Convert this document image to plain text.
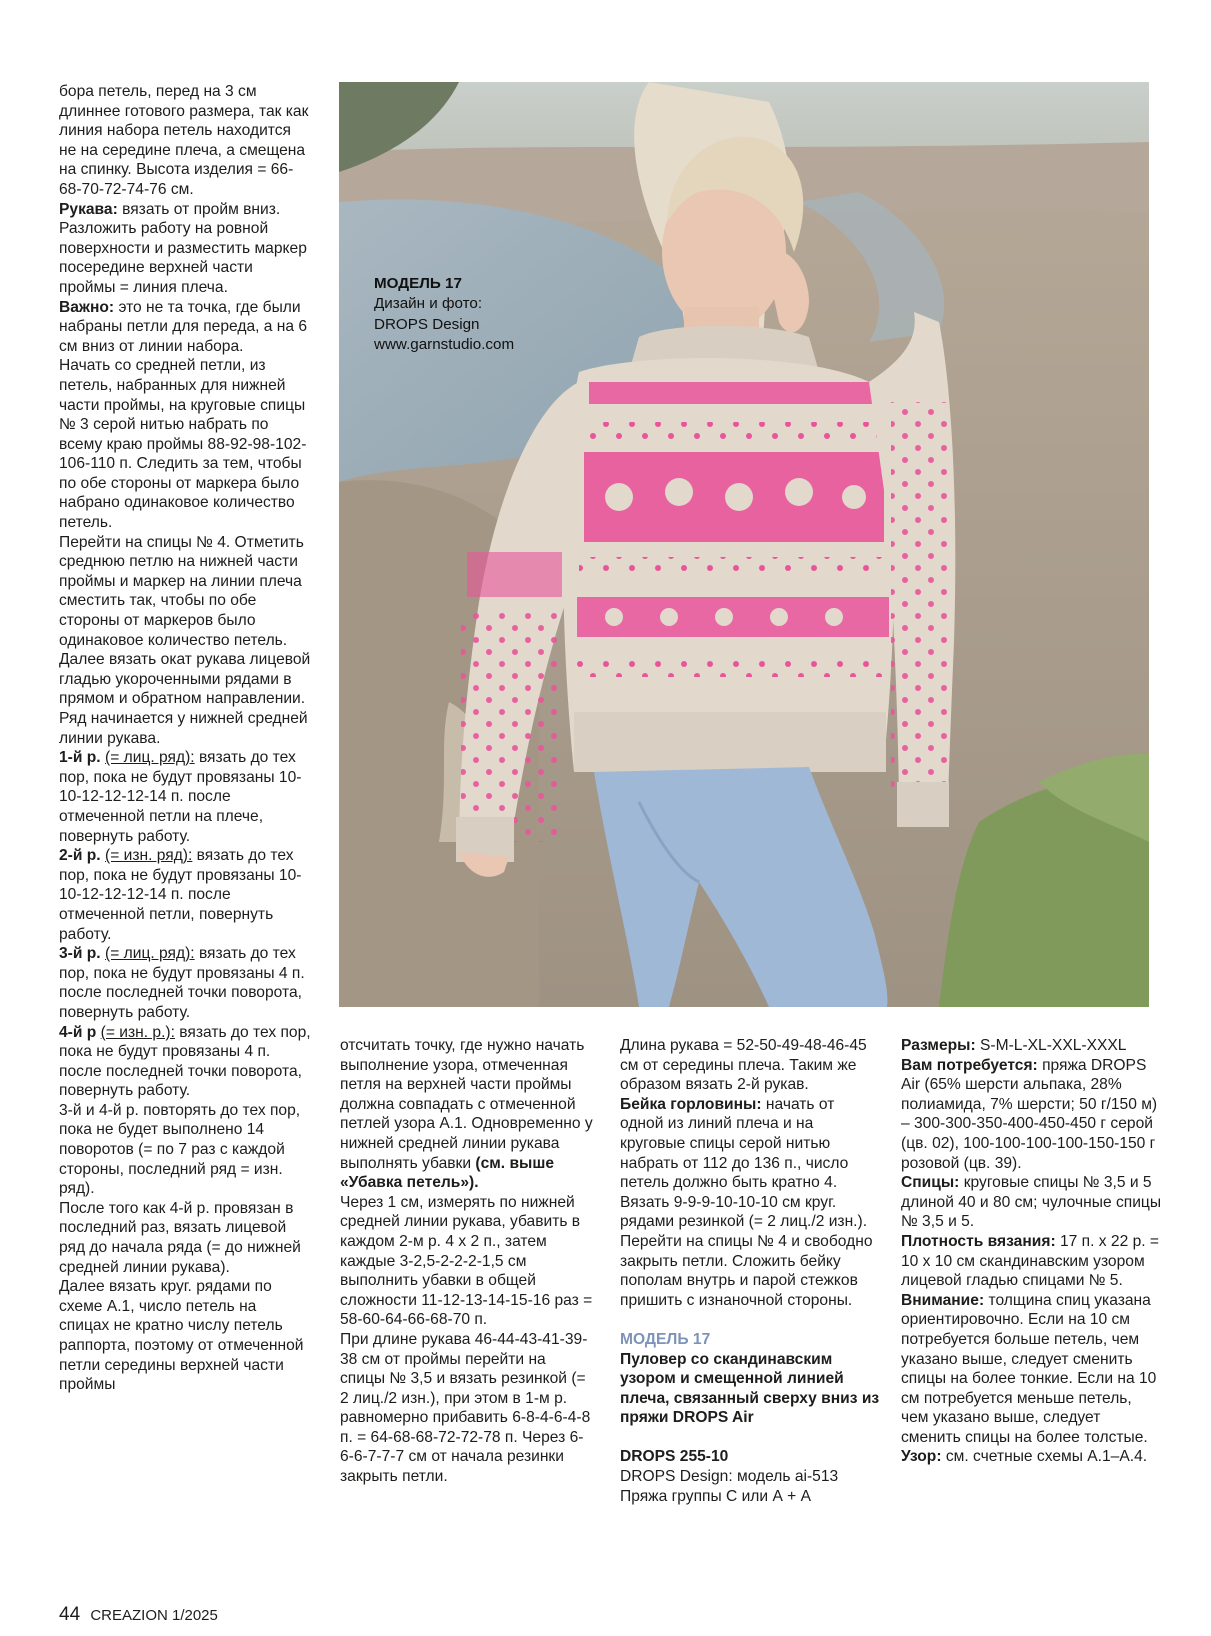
бора петель, перед на 3 см длиннее готового размера, так как линия набора петель находится не на середине плеча, а смещена на спинку. Высота изделия = 66-68-70-72-74-76 см.

Рукава: вязать от пройм вниз. Разложить работу на ровной поверхности и разместить маркер посередине верхней части проймы = линия плеча.

Важно: это не та точка, где были набраны петли для переда, а на 6 см вниз от линии набора.

Начать со средней петли, из петель, набранных для нижней части проймы, на круговые спицы № 3 серой нитью набрать по всему краю проймы 88-92-98-102-106-110 п. Следить за тем, чтобы по обе стороны от маркера было набрано одинаковое количество петель.

Перейти на спицы № 4. Отметить среднюю петлю на нижней части проймы и маркер на линии плеча сместить так, чтобы по обе стороны от маркеров было одинаковое количество петель.

Далее вязать окат рукава лицевой гладью укороченными рядами в прямом и обратном направлении. Ряд начинается у нижней средней линии рукава.

1-й р. (= лиц. ряд): вязать до тех пор, пока не будут провязаны 10-10-12-12-12-14 п. после отмеченной петли на плече, повернуть работу.

2-й р. (= изн. ряд): вязать до тех пор, пока не будут провязаны 10-10-12-12-12-14 п. после отмеченной петли, повернуть работу.

3-й р. (= лиц. ряд): вязать до тех пор, пока не будут провязаны 4 п. после последней точки поворота, повернуть работу.

4-й р (= изн. р.): вязать до тех пор, пока не будут провязаны 4 п. после последней точки поворота, повернуть работу.

3-й и 4-й р. повторять до тех пор, пока не будет выполнено 14 поворотов (= по 7 раз с каждой стороны, последний ряд = изн. ряд).

После того как 4-й р. провязан в последний раз, вязать лицевой ряд до начала ряда (= до нижней средней линии рукава).

Далее вязать круг. рядами по схеме А.1, число петель на спицах не кратно числу петель раппорта, поэтому от отмеченной петли середины верхней части проймы

МОДЕЛЬ 17
Дизайн и фото:
DROPS Design
www.garnstudio.com

отсчитать точку, где нужно начать выполнение узора, отмеченная петля на верхней части проймы должна совпадать с отмеченной петлей узора А.1. Одновременно у нижней средней линии рукава выполнять убавки (см. выше «Убавка петель»).

Через 1 см, измерять по нижней средней линии рукава, убавить в каждом 2-м р. 4 х 2 п., затем каждые 3-2,5-2-2-2-1,5 см выполнить убавки в общей сложности 11-12-13-14-15-16 раз = 58-60-64-66-68-70 п.

При длине рукава 46-44-43-41-39-38 см от проймы перейти на спицы № 3,5 и вязать резинкой (= 2 лиц./2 изн.), при этом в 1-м р. равномерно прибавить 6-8-4-6-4-8 п. = 64-68-68-72-72-78 п. Через 6-6-6-7-7-7 см от начала резинки закрыть петли.

Длина рукава = 52-50-49-48-46-45 см от середины плеча. Таким же образом вязать 2-й рукав.

Бейка горловины: начать от одной из линий плеча и на круговые спицы серой нитью набрать от 112 до 136 п., число петель должно быть кратно 4. Вязать 9-9-9-10-10-10 см круг. рядами резинкой (= 2 лиц./2 изн.).

Перейти на спицы № 4 и свободно закрыть петли. Сложить бейку пополам внутрь и парой стежков пришить с изнаночной стороны.

МОДЕЛЬ 17

Пуловер со скандинавским узором и смещенной линией плеча, связанный сверху вниз из пряжи DROPS Air

DROPS 255-10

DROPS Design: модель ai-513

Пряжа группы С или А + А

Размеры: S-M-L-XL-XXL-XXXL

Вам потребуется: пряжа DROPS Air (65% шерсти альпака, 28% полиамида, 7% шерсти; 50 г/150 м) – 300-300-350-400-450-450 г серой (цв. 02), 100-100-100-100-150-150 г розовой (цв. 39).

Спицы: круговые спицы № 3,5 и 5 длиной 40 и 80 см; чулочные спицы № 3,5 и 5.

Плотность вязания: 17 п. х 22 р. = 10 х 10 см скандинавским узором лицевой гладью спицами № 5.

Внимание: толщина спиц указана ориентировочно. Если на 10 см потребуется больше петель, чем указано выше, следует сменить спицы на более тонкие. Если на 10 см потребуется меньше петель, чем указано выше, следует сменить спицы на более толстые.

Узор: см. счетные схемы А.1–А.4.

44 CREAZION 1/2025
